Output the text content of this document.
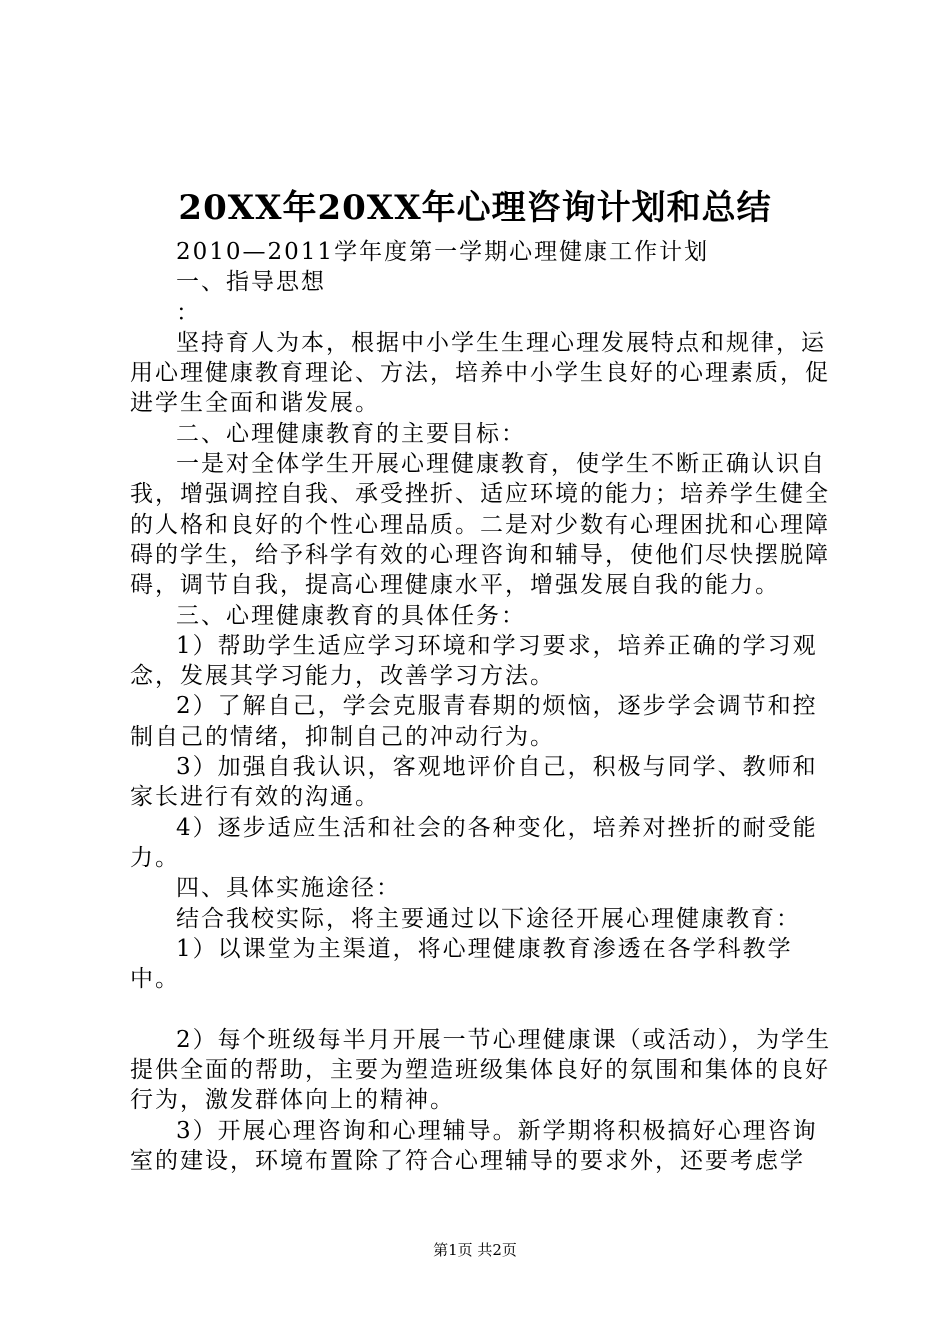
20XX年20XX年心理咨询计划和总结

2010—2011学年度第一学期心理健康工作计划

一、指导思想

：

坚持育人为本，根据中小学生生理心理发展特点和规律，运用心理健康教育理论、方法，培养中小学生良好的心理素质，促进学生全面和谐发展。

二、心理健康教育的主要目标：

一是对全体学生开展心理健康教育，使学生不断正确认识自我，增强调控自我、承受挫折、适应环境的能力；培养学生健全的人格和良好的个性心理品质。二是对少数有心理困扰和心理障碍的学生，给予科学有效的心理咨询和辅导，使他们尽快摆脱障碍，调节自我，提高心理健康水平，增强发展自我的能力。

三、心理健康教育的具体任务：

1）帮助学生适应学习环境和学习要求，培养正确的学习观念，发展其学习能力，改善学习方法。

2）了解自己，学会克服青春期的烦恼，逐步学会调节和控制自己的情绪，抑制自己的冲动行为。

3）加强自我认识，客观地评价自己，积极与同学、教师和家长进行有效的沟通。

4）逐步适应生活和社会的各种变化，培养对挫折的耐受能力。

四、具体实施途径：

结合我校实际，将主要通过以下途径开展心理健康教育：

1）以课堂为主渠道，将心理健康教育渗透在各学科教学中。

2）每个班级每半月开展一节心理健康课（或活动），为学生提供全面的帮助，主要为塑造班级集体良好的氛围和集体的良好行为，激发群体向上的精神。

3）开展心理咨询和心理辅导。新学期将积极搞好心理咨询室的建设，环境布置除了符合心理辅导的要求外，还要考虑学

第1页 共2页
